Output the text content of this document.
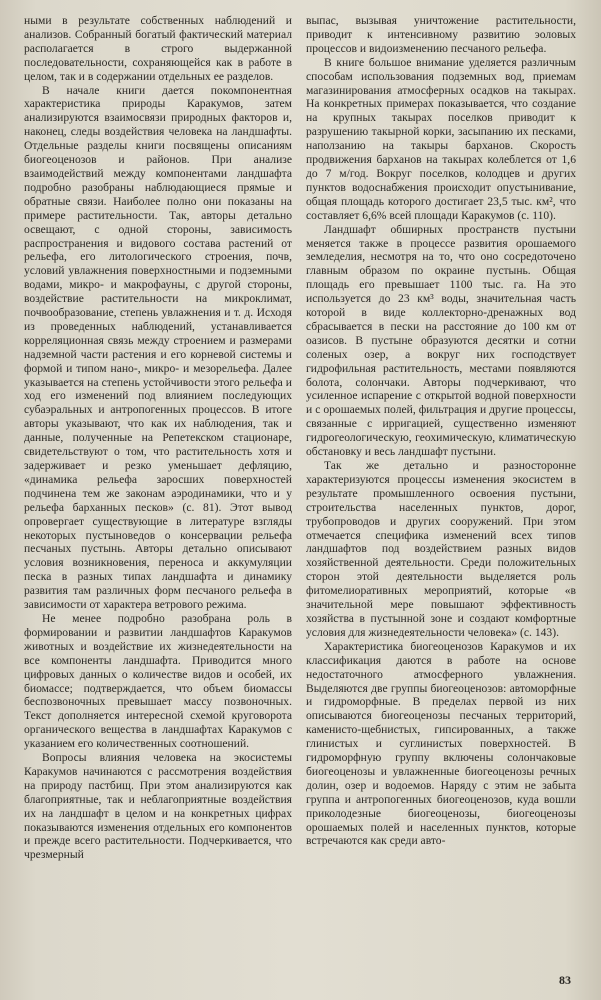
ными в результате собственных наблюдений и анализов. Собранный богатый фактический материал располагается в строго выдержанной последовательности, сохраняющейся как в работе в целом, так и в содержании отдельных ее разделов.

В начале книги дается покомпонентная характеристика природы Каракумов, затем анализируются взаимосвязи природных факторов и, наконец, следы воздействия человека на ландшафты. Отдельные разделы книги посвящены описаниям биогеоценозов и районов. При анализе взаимодействий между компонентами ландшафта подробно разобраны наблюдающиеся прямые и обратные связи. Наиболее полно они показаны на примере растительности. Так, авторы детально освещают, с одной стороны, зависимость распространения и видового состава растений от рельефа, его литологического строения, почв, условий увлажнения поверхностными и подземными водами, микро- и макрофауны, с другой стороны, воздействие растительности на микроклимат, почвообразование, степень увлажнения и т. д. Исходя из проведенных наблюдений, устанавливается корреляционная связь между строением и размерами надземной части растения и его корневой системы и формой и типом нано-, микро- и мезорельефа. Далее указывается на степень устойчивости этого рельефа и ход его изменений под влиянием последующих субаэральных и антропогенных процессов. В итоге авторы указывают, что как их наблюдения, так и данные, полученные на Репетекском стационаре, свидетельствуют о том, что растительность хотя и задерживает и резко уменьшает дефляцию, «динамика рельефа заросших поверхностей подчинена тем же законам аэродинамики, что и у рельефа барханных песков» (с. 81). Этот вывод опровергает существующие в литературе взгляды некоторых пустыноведов о консервации рельефа песчаных пустынь. Авторы детально описывают условия возникновения, переноса и аккумуляции песка в разных типах ландшафта и динамику развития там различных форм песчаного рельефа в зависимости от характера ветрового режима.

Не менее подробно разобрана роль в формировании и развитии ландшафтов Каракумов животных и воздействие их жизнедеятельности на все компоненты ландшафта. Приводится много цифровых данных о количестве видов и особей, их биомассе; подтверждается, что объем биомассы беспозвоночных превышает массу позвоночных. Текст дополняется интересной схемой круговорота органического вещества в ландшафтах Каракумов с указанием его количественных соотношений.

Вопросы влияния человека на экосистемы Каракумов начинаются с рассмотрения воздействия на природу пастбищ. При этом анализируются как благоприятные, так и неблагоприятные воздействия их на ландшафт в целом и на конкретных цифрах показываются изменения отдельных его компонентов и прежде всего растительности. Подчеркивается, что чрезмерный

выпас, вызывая уничтожение растительности, приводит к интенсивному развитию эоловых процессов и видоизменению песчаного рельефа.

В книге большое внимание уделяется различным способам использования подземных вод, приемам магазинирования атмосферных осадков на такырах. На конкретных примерах показывается, что создание на крупных такырах поселков приводит к разрушению такырной корки, засыпанию их песками, наползанию на такыры барханов. Скорость продвижения барханов на такырах колеблется от 1,6 до 7 м/год. Вокруг поселков, колодцев и других пунктов водоснабжения происходит опустынивание, общая площадь которого достигает 23,5 тыс. км², что составляет 6,6% всей площади Каракумов (с. 110).

Ландшафт обширных пространств пустыни меняется также в процессе развития орошаемого земледелия, несмотря на то, что оно сосредоточено главным образом по окраине пустынь. Общая площадь его превышает 1100 тыс. га. На это используется до 23 км³ воды, значительная часть которой в виде коллекторно-дренажных вод сбрасывается в пески на расстояние до 100 км от оазисов. В пустыне образуются десятки и сотни соленых озер, а вокруг них господствует гидрофильная растительность, местами появляются болота, солончаки. Авторы подчеркивают, что усиленное испарение с открытой водной поверхности и с орошаемых полей, фильтрация и другие процессы, связанные с ирригацией, существенно изменяют гидрогеологическую, геохимическую, климатическую обстановку и весь ландшафт пустыни.

Так же детально и разносторонне характеризуются процессы изменения экосистем в результате промышленного освоения пустыни, строительства населенных пунктов, дорог, трубопроводов и других сооружений. При этом отмечается специфика изменений всех типов ландшафтов под воздействием разных видов хозяйственной деятельности. Среди положительных сторон этой деятельности выделяется роль фитомелиоративных мероприятий, которые «в значительной мере повышают эффективность хозяйства в пустынной зоне и создают комфортные условия для жизнедеятельности человека» (с. 143).

Характеристика биогеоценозов Каракумов и их классификация даются в работе на основе недостаточного атмосферного увлажнения. Выделяются две группы биогеоценозов: автоморфные и гидроморфные. В пределах первой из них описываются биогеоценозы песчаных территорий, каменисто-щебнистых, гипсированных, а также глинистых и суглинистых поверхностей. В гидроморфную группу включены солончаковые биогеоценозы и увлажненные биогеоценозы речных долин, озер и водоемов. Наряду с этим не забыта группа и антропогенных биогеоценозов, куда вошли приколодезные биогеоценозы, биогеоценозы орошаемых полей и населенных пунктов, которые встречаются как среди авто-

83
